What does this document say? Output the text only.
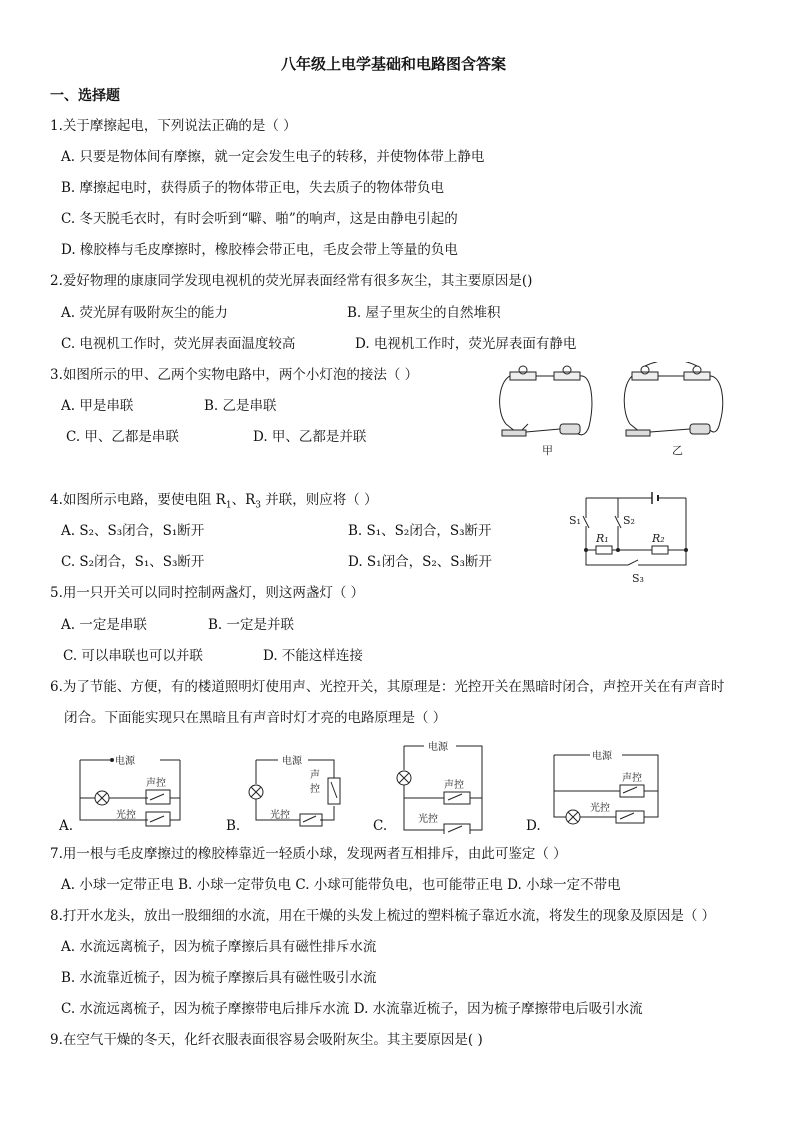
八年级上电学基础和电路图含答案
一、选择题
1.关于摩擦起电，下列说法正确的是（ ）
A. 只要是物体间有摩擦，就一定会发生电子的转移，并使物体带上静电
B. 摩擦起电时，获得质子的物体带正电，失去质子的物体带负电
C. 冬天脱毛衣时，有时会听到“噼、啪”的响声，这是由静电引起的
D. 橡胶棒与毛皮摩擦时，橡胶棒会带正电，毛皮会带上等量的负电
2.爱好物理的康康同学发现电视机的荧光屏表面经常有很多灰尘，其主要原因是()
A. 荧光屏有吸附灰尘的能力	B. 屋子里灰尘的自然堆积
C. 电视机工作时，荧光屏表面温度较高	D. 电视机工作时，荧光屏表面有静电
3.如图所示的甲、乙两个实物电路中，两个小灯泡的接法（ ）
A. 甲是串联	B. 乙是串联
C. 甲、乙都是串联	D. 甲、乙都是并联
甲	乙
4.如图所示电路，要使电阻 $R_1$、$R_3$ 并联，则应将（ ）
A. S₂、S₃闭合，S₁断开	B. S₁、S₂闭合，S₃断开
C. S₂闭合，S₁、S₃断开	D. S₁闭合，S₂、S₃断开
S₁	S₂
S₃
R₁	R₂
5.用一只开关可以同时控制两盏灯，则这两盏灯（ ）
A. 一定是串联	B. 一定是并联
C. 可以串联也可以并联	D. 不能这样连接
6.为了节能、方便，有的楼道照明灯使用声、光控开关，其原理是：光控开关在黑暗时闭合，声控开关在有声音时
闭合。下面能实现只在黑暗且有声音时灯才亮的电路原理是（ ）
电源
声控
光控
A.
电源
声
控
光控
B.
电源
声控
光控
C.
电源
声控
光控
D.
7.用一根与毛皮摩擦过的橡胶棒靠近一轻质小球，发现两者互相排斥，由此可鉴定（ ）
A. 小球一定带正电 B. 小球一定带负电 C. 小球可能带负电，也可能带正电 D. 小球一定不带电
8.打开水龙头，放出一股细细的水流，用在干燥的头发上梳过的塑料梳子靠近水流，将发生的现象及原因是（ ）
A. 水流远离梳子，因为梳子摩擦后具有磁性排斥水流
B. 水流靠近梳子，因为梳子摩擦后具有磁性吸引水流
C. 水流远离梳子，因为梳子摩擦带电后排斥水流 D. 水流靠近梳子，因为梳子摩擦带电后吸引水流
9.在空气干燥的冬天，化纤衣服表面很容易会吸附灰尘。其主要原因是( )
